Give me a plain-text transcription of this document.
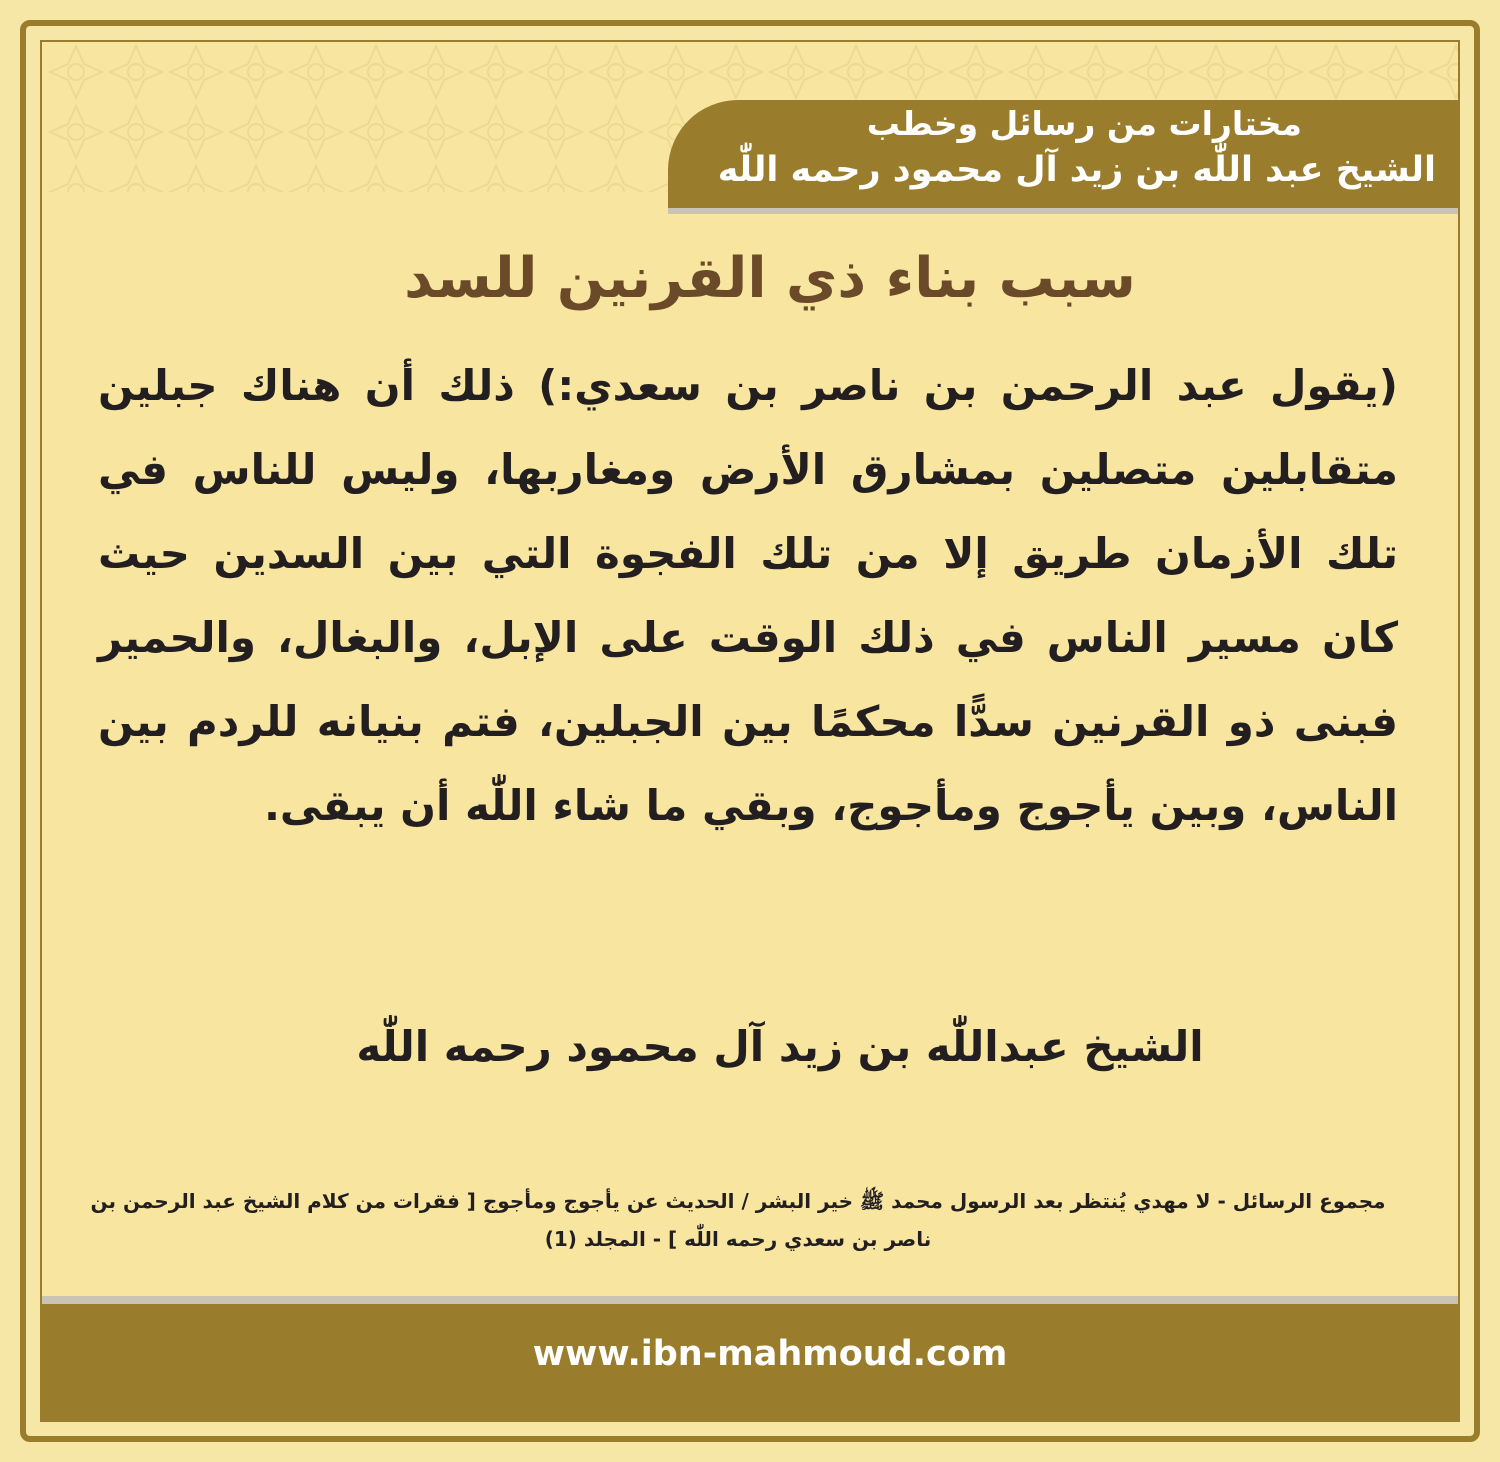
مختارات من رسائل وخطب
الشيخ عبد اللّٰه بن زيد آل محمود رحمه اللّٰه
سبب بناء ذي القرنين للسد
(يقول عبد الرحمن بن ناصر بن سعدي:) ذلك أن هناك جبلين متقابلين متصلين بمشارق الأرض ومغاربها، وليس للناس في تلك الأزمان طريق إلا من تلك الفجوة التي بين السدين حيث كان مسير الناس في ذلك الوقت على الإبل، والبغال، والحمير فبنى ذو القرنين سدًّا محكمًا بين الجبلين، فتم بنيانه للردم بين الناس، وبين يأجوج ومأجوج، وبقي ما شاء اللّٰه أن يبقى.
الشيخ عبداللّٰه بن زيد آل محمود رحمه اللّٰه
مجموع الرسائل - لا مهدي يُنتظر بعد الرسول محمد ﷺ خير البشر / الحديث عن يأجوج ومأجوج [ فقرات من كلام الشيخ عبد الرحمن بن ناصر بن سعدي رحمه اللّٰه ] - المجلد (1)
www.ibn-mahmoud.com
